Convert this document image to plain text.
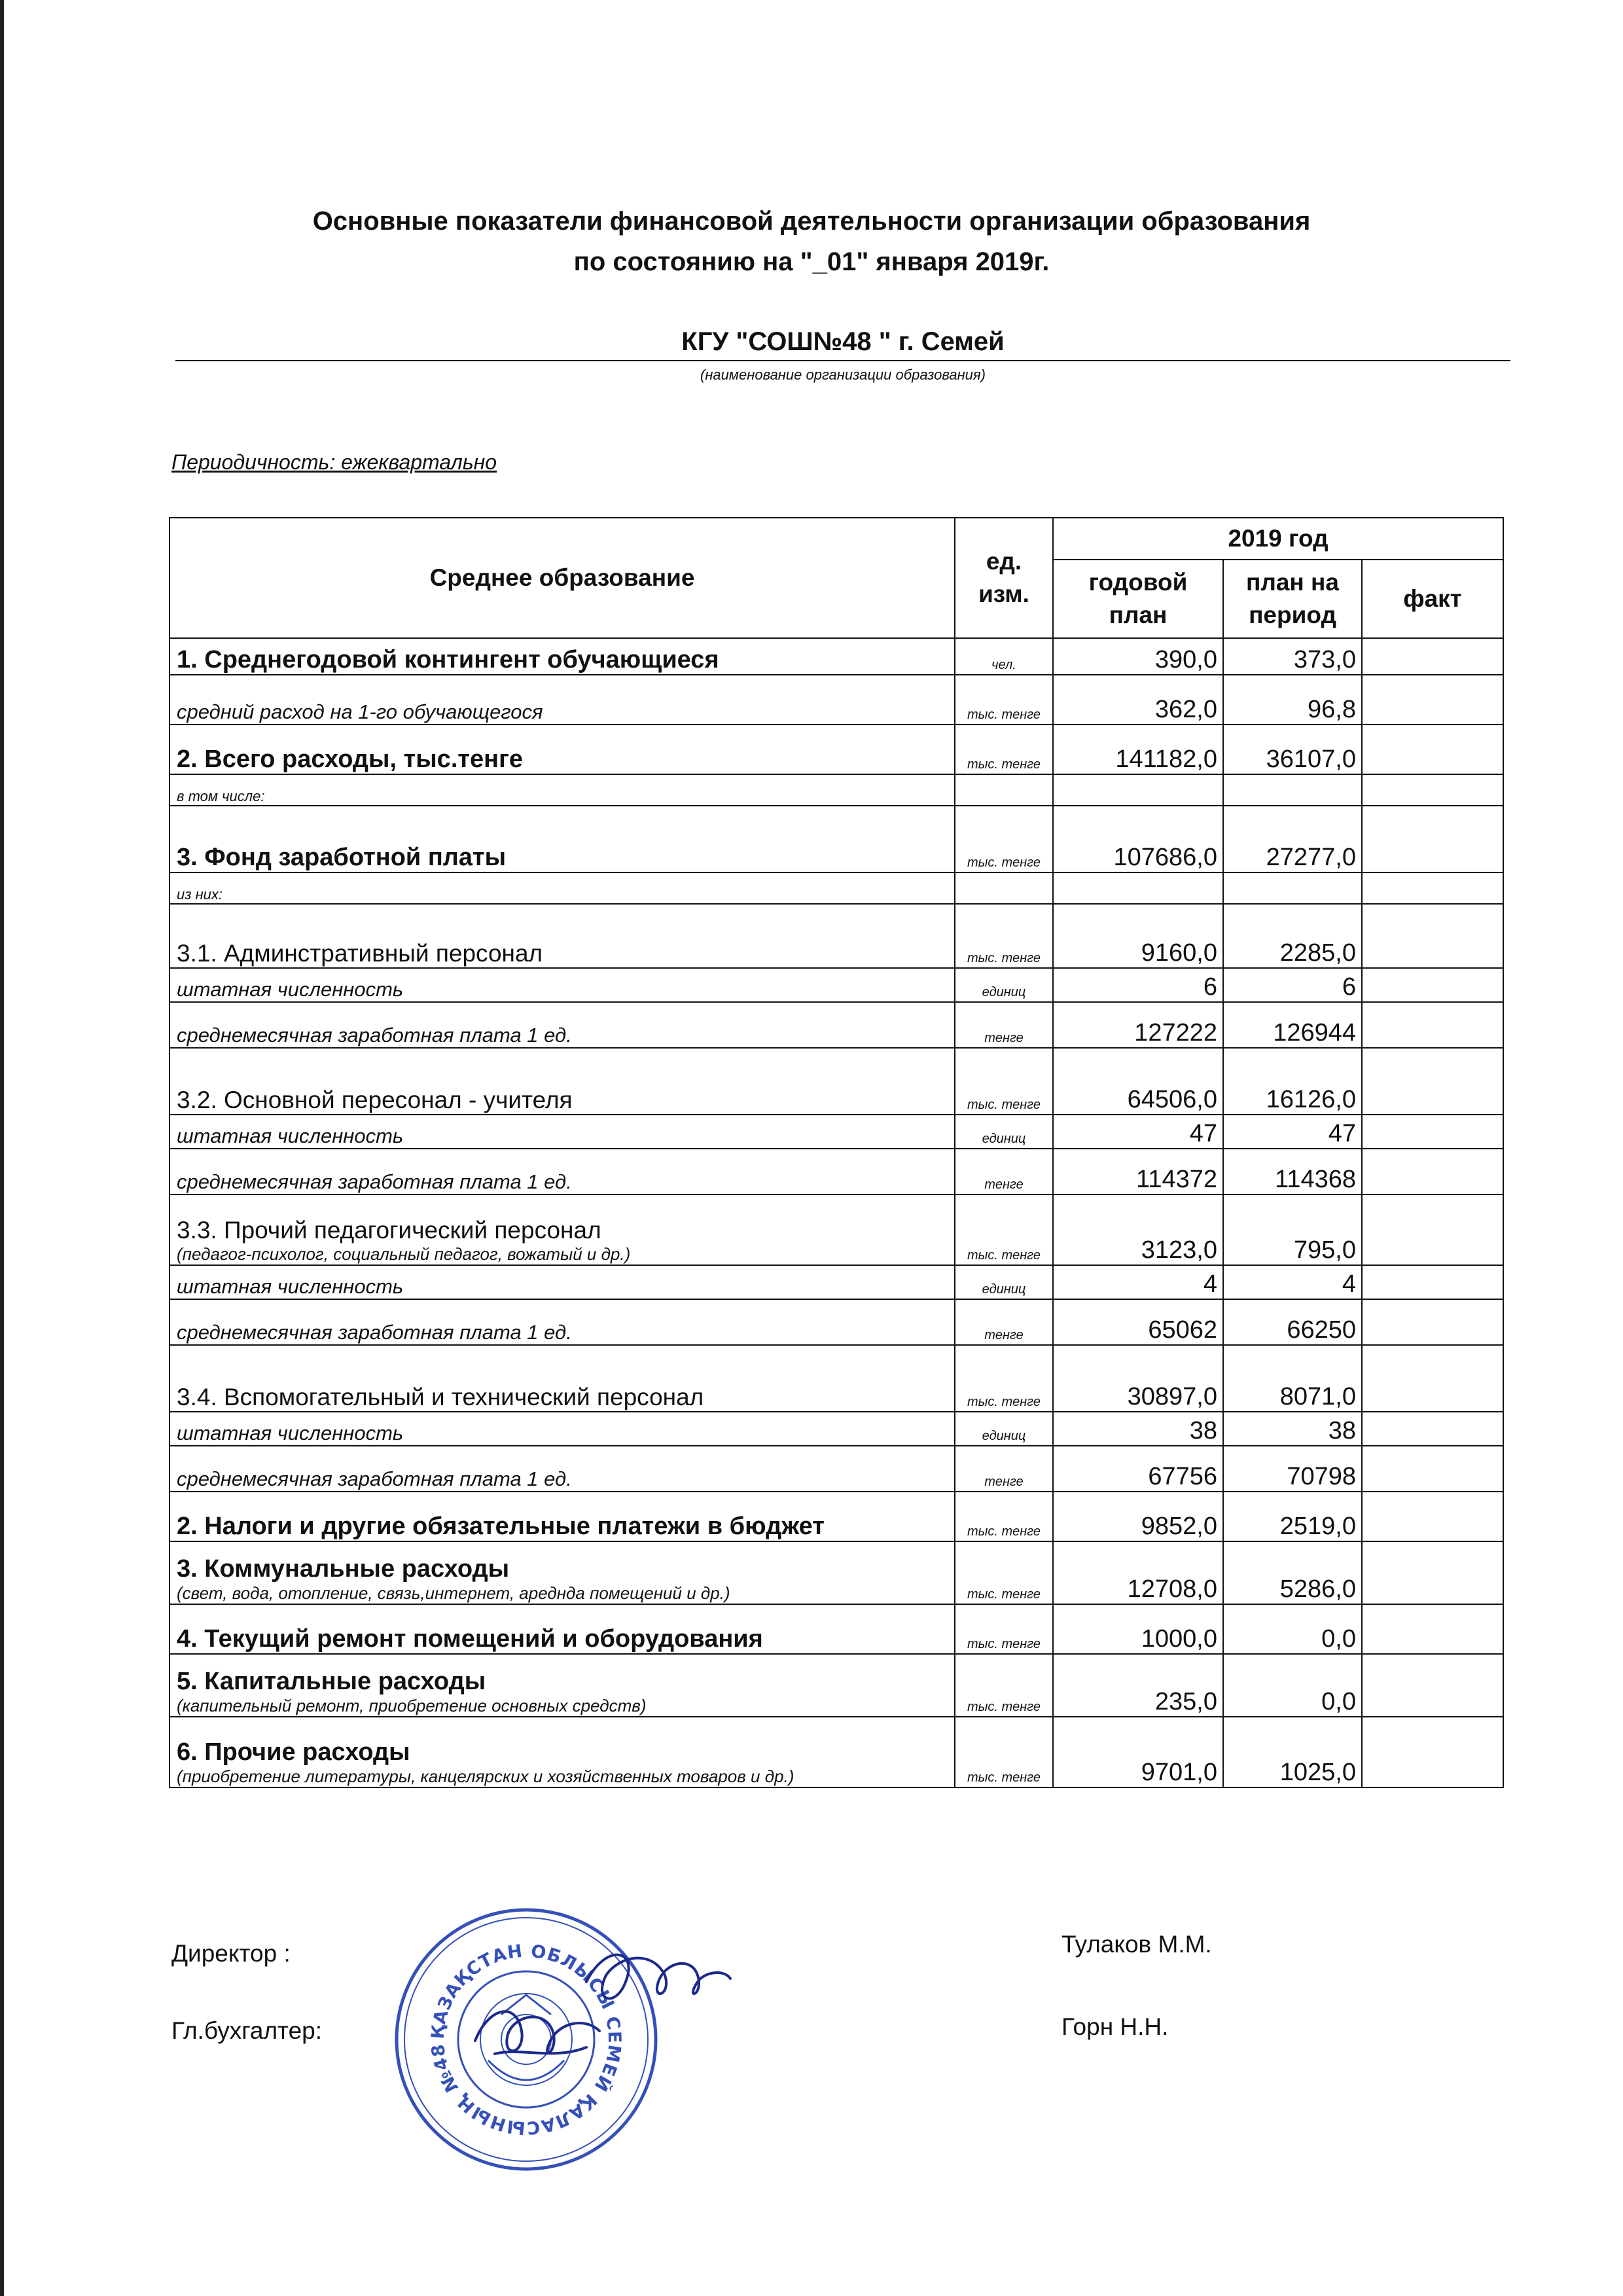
Основные показатели финансовой деятельности организации образования
по состоянию на "_01" января 2019г.
КГУ "СОШ№48 " г. Семей
(наименование организации образования)
Периодичность: ежеквартально
Среднее образование	ед. изм.	2019 год		
		годовой план	план на период	факт
1. Среднегодовой контингент обучающиеся	чел.	390,0	373,0	
средний расход на 1-го обучающегося	тыс. тенге	362,0	96,8	
2. Всего расходы, тыс.тенге	тыс. тенге	141182,0	36107,0	
в том числе:				
3. Фонд заработной платы	тыс. тенге	107686,0	27277,0	
из них:				
3.1. Админстративный персонал	тыс. тенге	9160,0	2285,0	
штатная численность	единиц	6	6	
среднемесячная заработная плата 1 ед.	тенге	127222	126944	
3.2. Основной пересонал - учителя	тыс. тенге	64506,0	16126,0	
штатная численность	единиц	47	47	
среднемесячная заработная плата 1 ед.	тенге	114372	114368	
3.3. Прочий педагогический персонал
(педагог-психолог, социальный педагог, вожатый и др.)	тыс. тенге	3123,0	795,0	
штатная численность	единиц	4	4	
среднемесячная заработная плата 1 ед.	тенге	65062	66250	
3.4. Вспомогательный и технический персонал	тыс. тенге	30897,0	8071,0	
штатная численность	единиц	38	38	
среднемесячная заработная плата 1 ед.	тенге	67756	70798	
2. Налоги и другие обязательные платежи в бюджет	тыс. тенге	9852,0	2519,0	
3. Коммунальные расходы
(свет, вода, отопление, связь,интернет, аредндa помещений и др.)	тыс. тенге	12708,0	5286,0	
4. Текущий ремонт помещений и оборудования	тыс. тенге	1000,0	0,0	
5. Капитальные расходы
(капительный ремонт, приобретение основных средств)	тыс. тенге	235,0	0,0	
6. Прочие расходы
(приобретение литературы, канцелярских и хозяйственных товаров и др.)	тыс. тенге	9701,0	1025,0	
Директор :	Тулаков М.М.
Гл.бухгалтер:	Горн Н.Н.
ҚАЗАҚСТАН ОБЛЫСЫ СЕМЕЙ ҚАЛАСЫНЫҢ №48
